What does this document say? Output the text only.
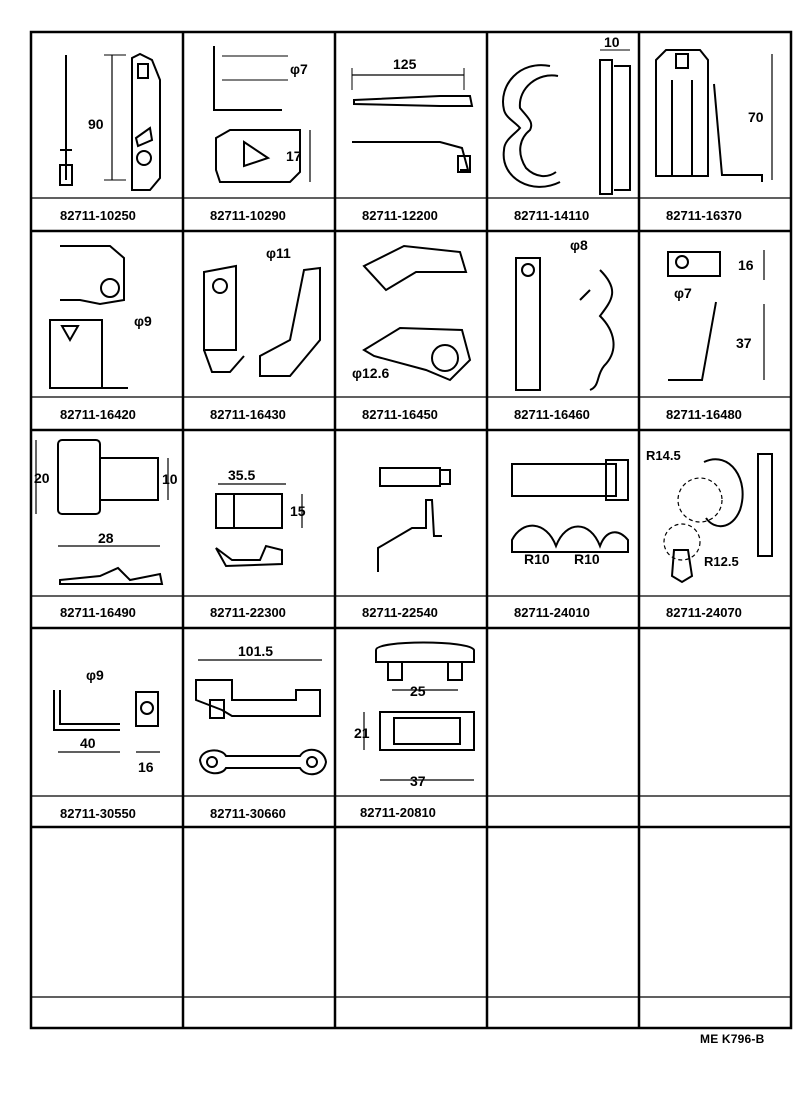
90
82711-10250
φ7
17
82711-10290
125
82711-12200
10
82711-14110
70
82711-16370
φ9
82711-16420
φ11
82711-16430
φ12.6
82711-16450
φ8
82711-16460
16
φ7
37
82711-16480
20	10
28
82711-16490
35.5
15
82711-22300	82711-22540
R10 R10
82711-24010
R14.5
R12.5
82711-24070
φ9
40
16
82711-30550
101.5
82711-30660
25
21
37
82711-20810
ME K796-B
